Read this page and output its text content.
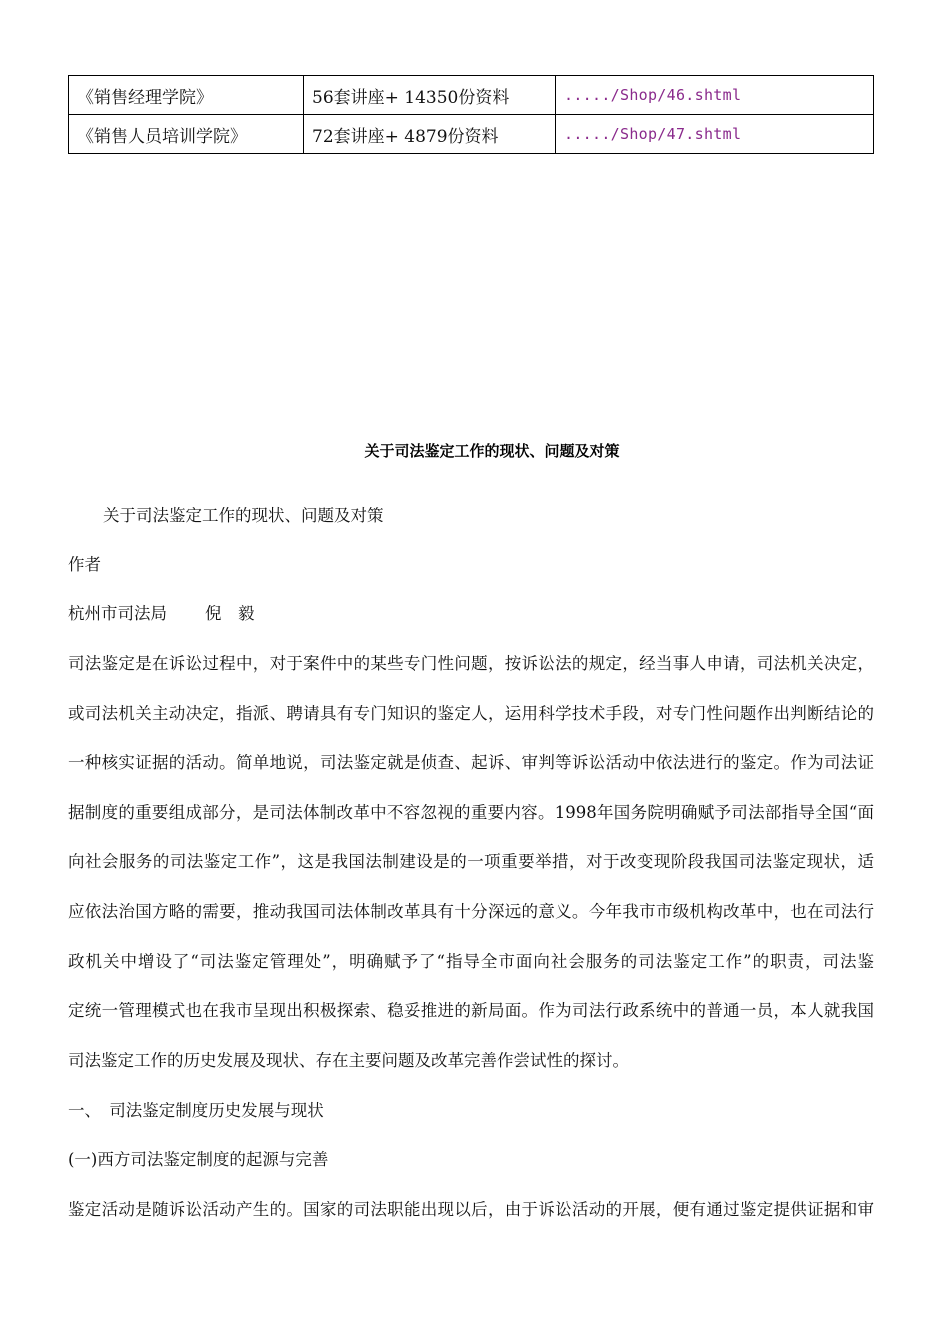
《销售经理学院》	56套讲座+ 14350份资料	...../Shop/46.shtml
《销售人员培训学院》	72套讲座+ 4879份资料	...../Shop/47.shtml
关于司法鉴定工作的现状、问题及对策
关于司法鉴定工作的现状、问题及对策
作者
杭州市司法局 倪　毅
司法鉴定是在诉讼过程中，对于案件中的某些专门性问题，按诉讼法的规定，经当事人申请，司法机关决定，
或司法机关主动决定，指派、聘请具有专门知识的鉴定人，运用科学技术手段，对专门性问题作出判断结论的
一种核实证据的活动。简单地说，司法鉴定就是侦查、起诉、审判等诉讼活动中依法进行的鉴定。作为司法证
据制度的重要组成部分，是司法体制改革中不容忽视的重要内容。1998年国务院明确赋予司法部指导全国“面
向社会服务的司法鉴定工作”，这是我国法制建设是的一项重要举措，对于改变现阶段我国司法鉴定现状，适
应依法治国方略的需要，推动我国司法体制改革具有十分深远的意义。今年我市市级机构改革中，也在司法行
政机关中增设了“司法鉴定管理处”，明确赋予了“指导全市面向社会服务的司法鉴定工作”的职责，司法鉴
定统一管理模式也在我市呈现出积极探索、稳妥推进的新局面。作为司法行政系统中的普通一员，本人就我国
司法鉴定工作的历史发展及现状、存在主要问题及改革完善作尝试性的探讨。
一、　司法鉴定制度历史发展与现状
(一)西方司法鉴定制度的起源与完善
鉴定活动是随诉讼活动产生的。国家的司法职能出现以后，由于诉讼活动的开展，便有通过鉴定提供证据和审
